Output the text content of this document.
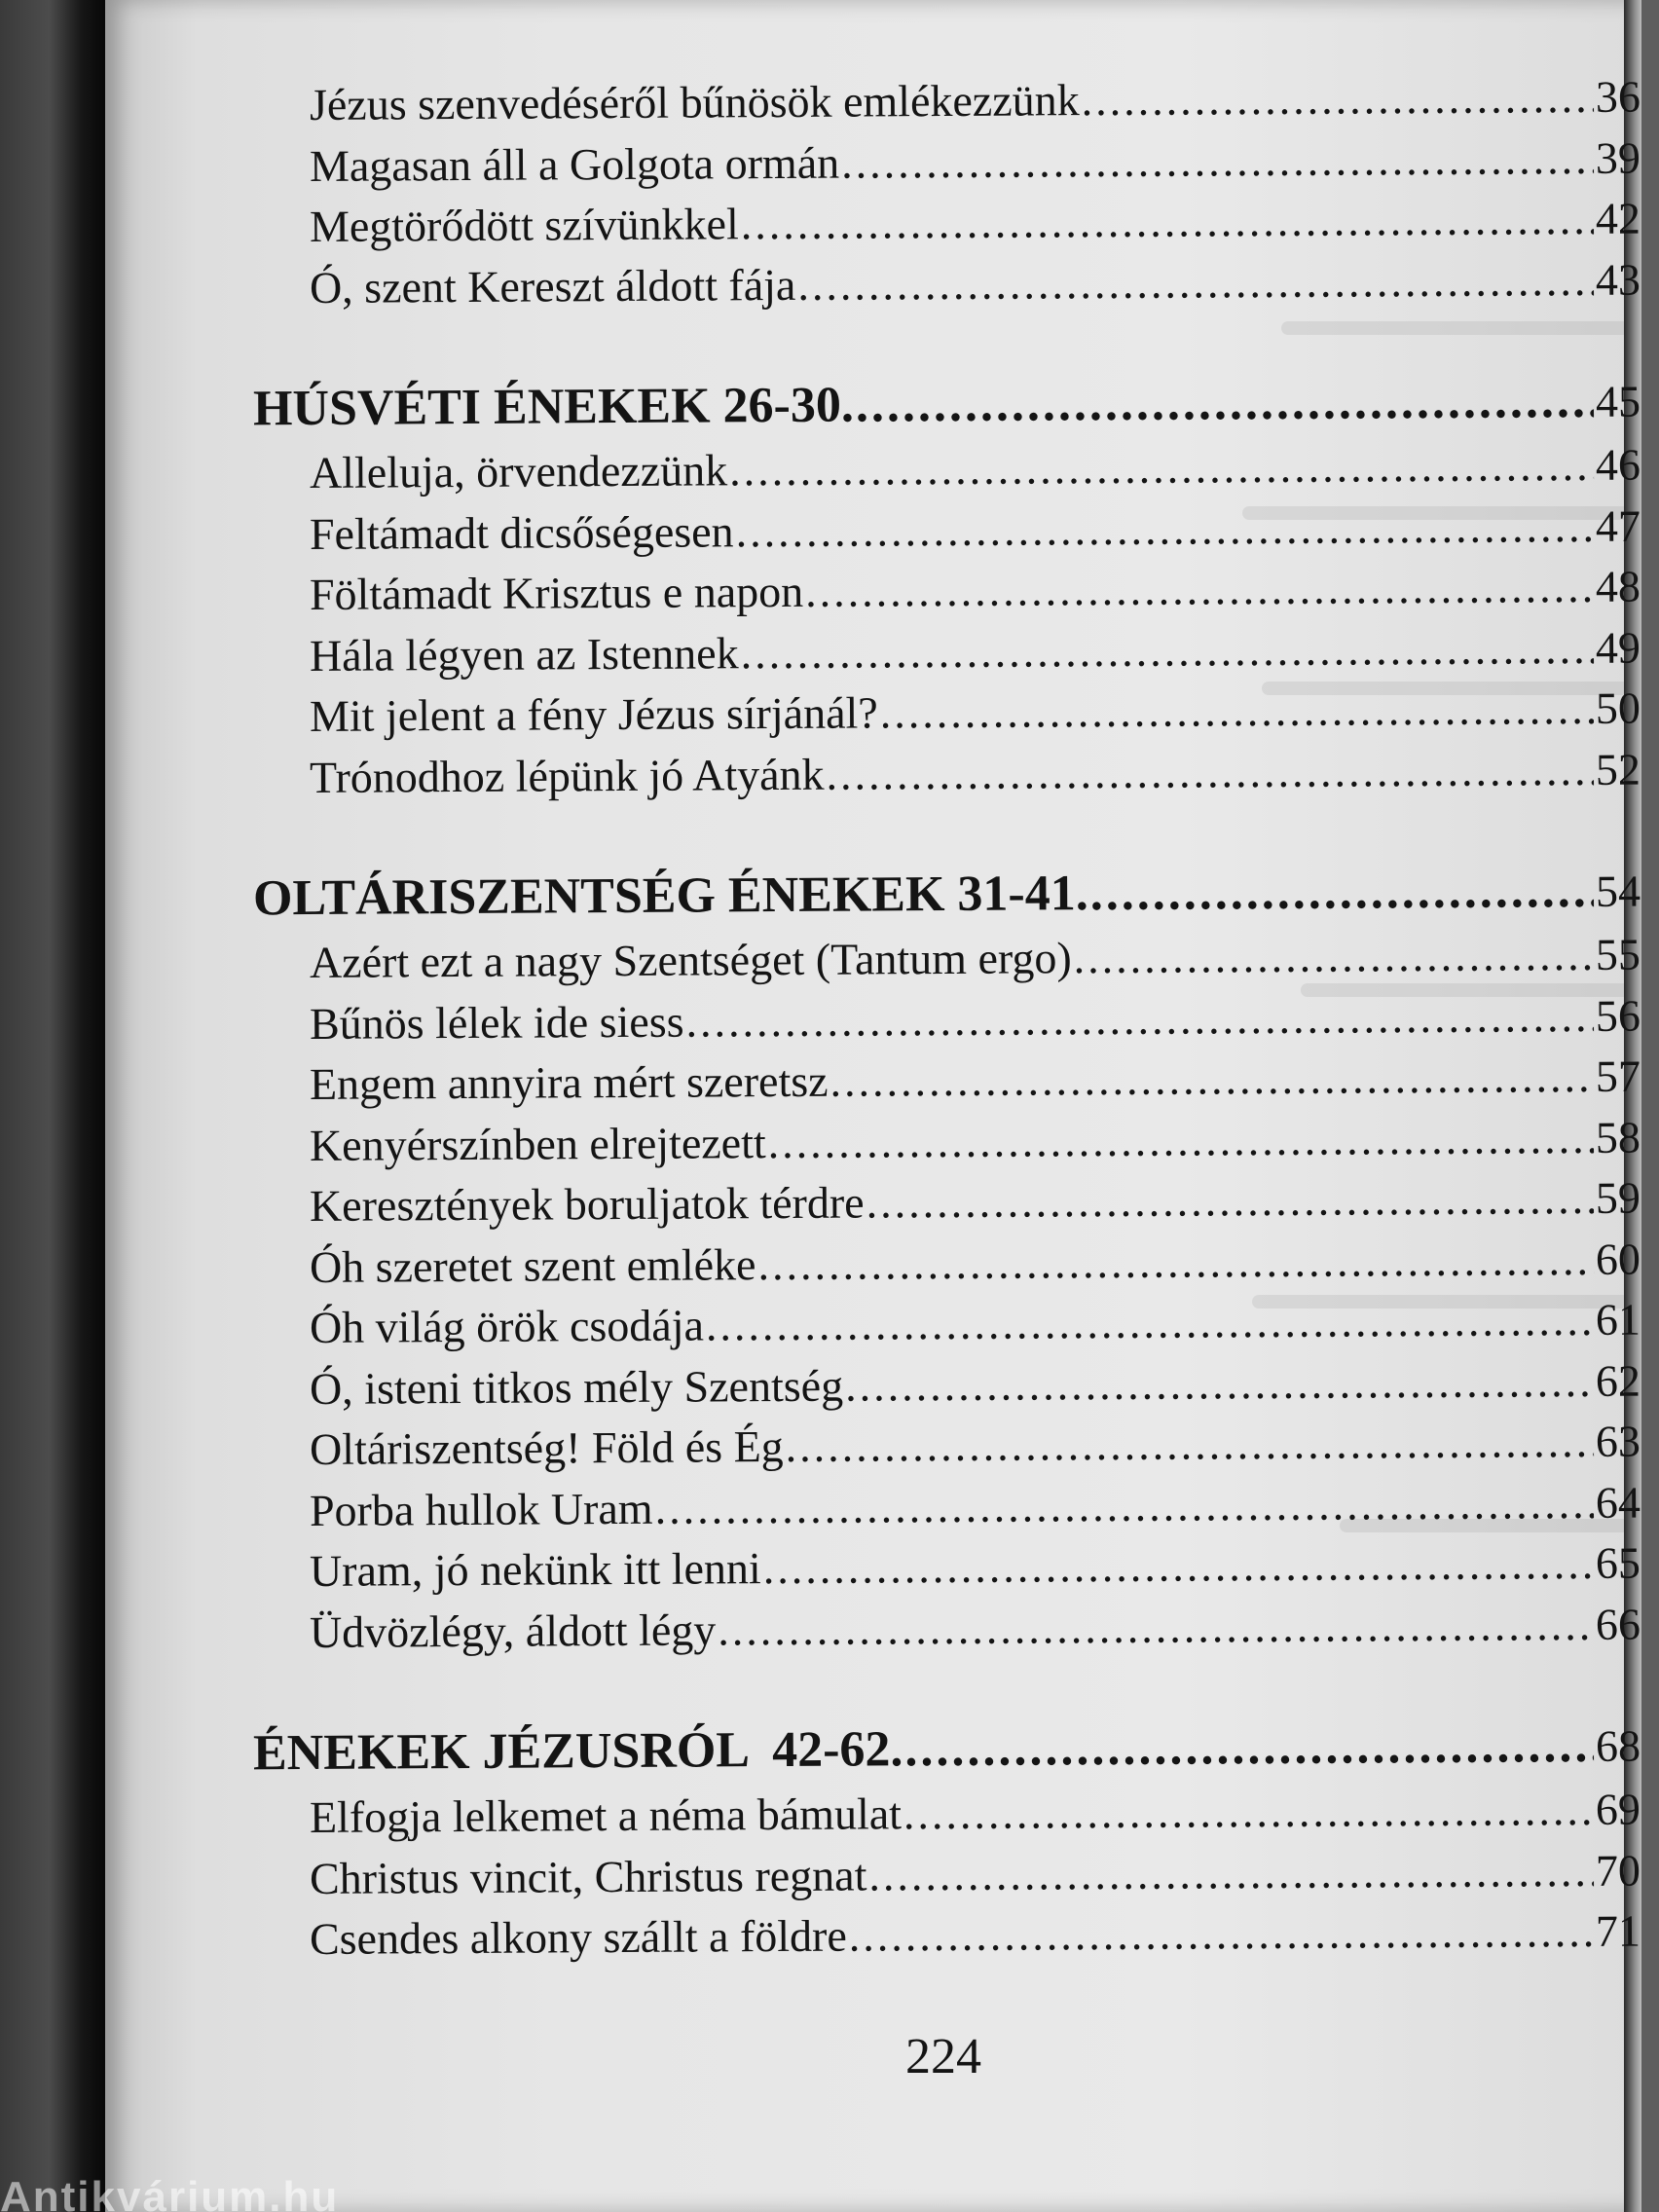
Jézus szenvedéséről bűnösök emlékezzünk .....	36
Magasan áll a Golgota ormán .....	39
Megtörődött szívünkkel .....	42
Ó, szent Kereszt áldott fája .....	43
HÚSVÉTI ÉNEKEK 26-30. .....	45
Alleluja, örvendezzünk .....	46
Feltámadt dicsőségesen .....	47
Föltámadt Krisztus e napon .....	48
Hála légyen az Istennek .....	49
Mit jelent a fény Jézus sírjánál? .....	50
Trónodhoz lépünk jó Atyánk .....	52
OLTÁRISZENTSÉG ÉNEKEK 31-41. .....	54
Azért ezt a nagy Szentséget (Tantum ergo) .....	55
Bűnös lélek ide siess .....	56
Engem annyira mért szeretsz .....	57
Kenyérszínben elrejtezett .....	58
Keresztények boruljatok térdre .....	59
Óh szeretet szent emléke .....	60
Óh világ örök csodája .....	61
Ó, isteni titkos mély Szentség .....	62
Oltáriszentség! Föld és Ég .....	63
Porba hullok Uram .....	64
Uram, jó nekünk itt lenni .....	65
Üdvözlégy, áldott légy .....	66
ÉNEKEK JÉZUSRÓL  42-62. .....	68
Elfogja lelkemet a néma bámulat .....	69
Christus vincit, Christus regnat .....	70
Csendes alkony szállt a földre .....	71
224
Antikvárium.hu
